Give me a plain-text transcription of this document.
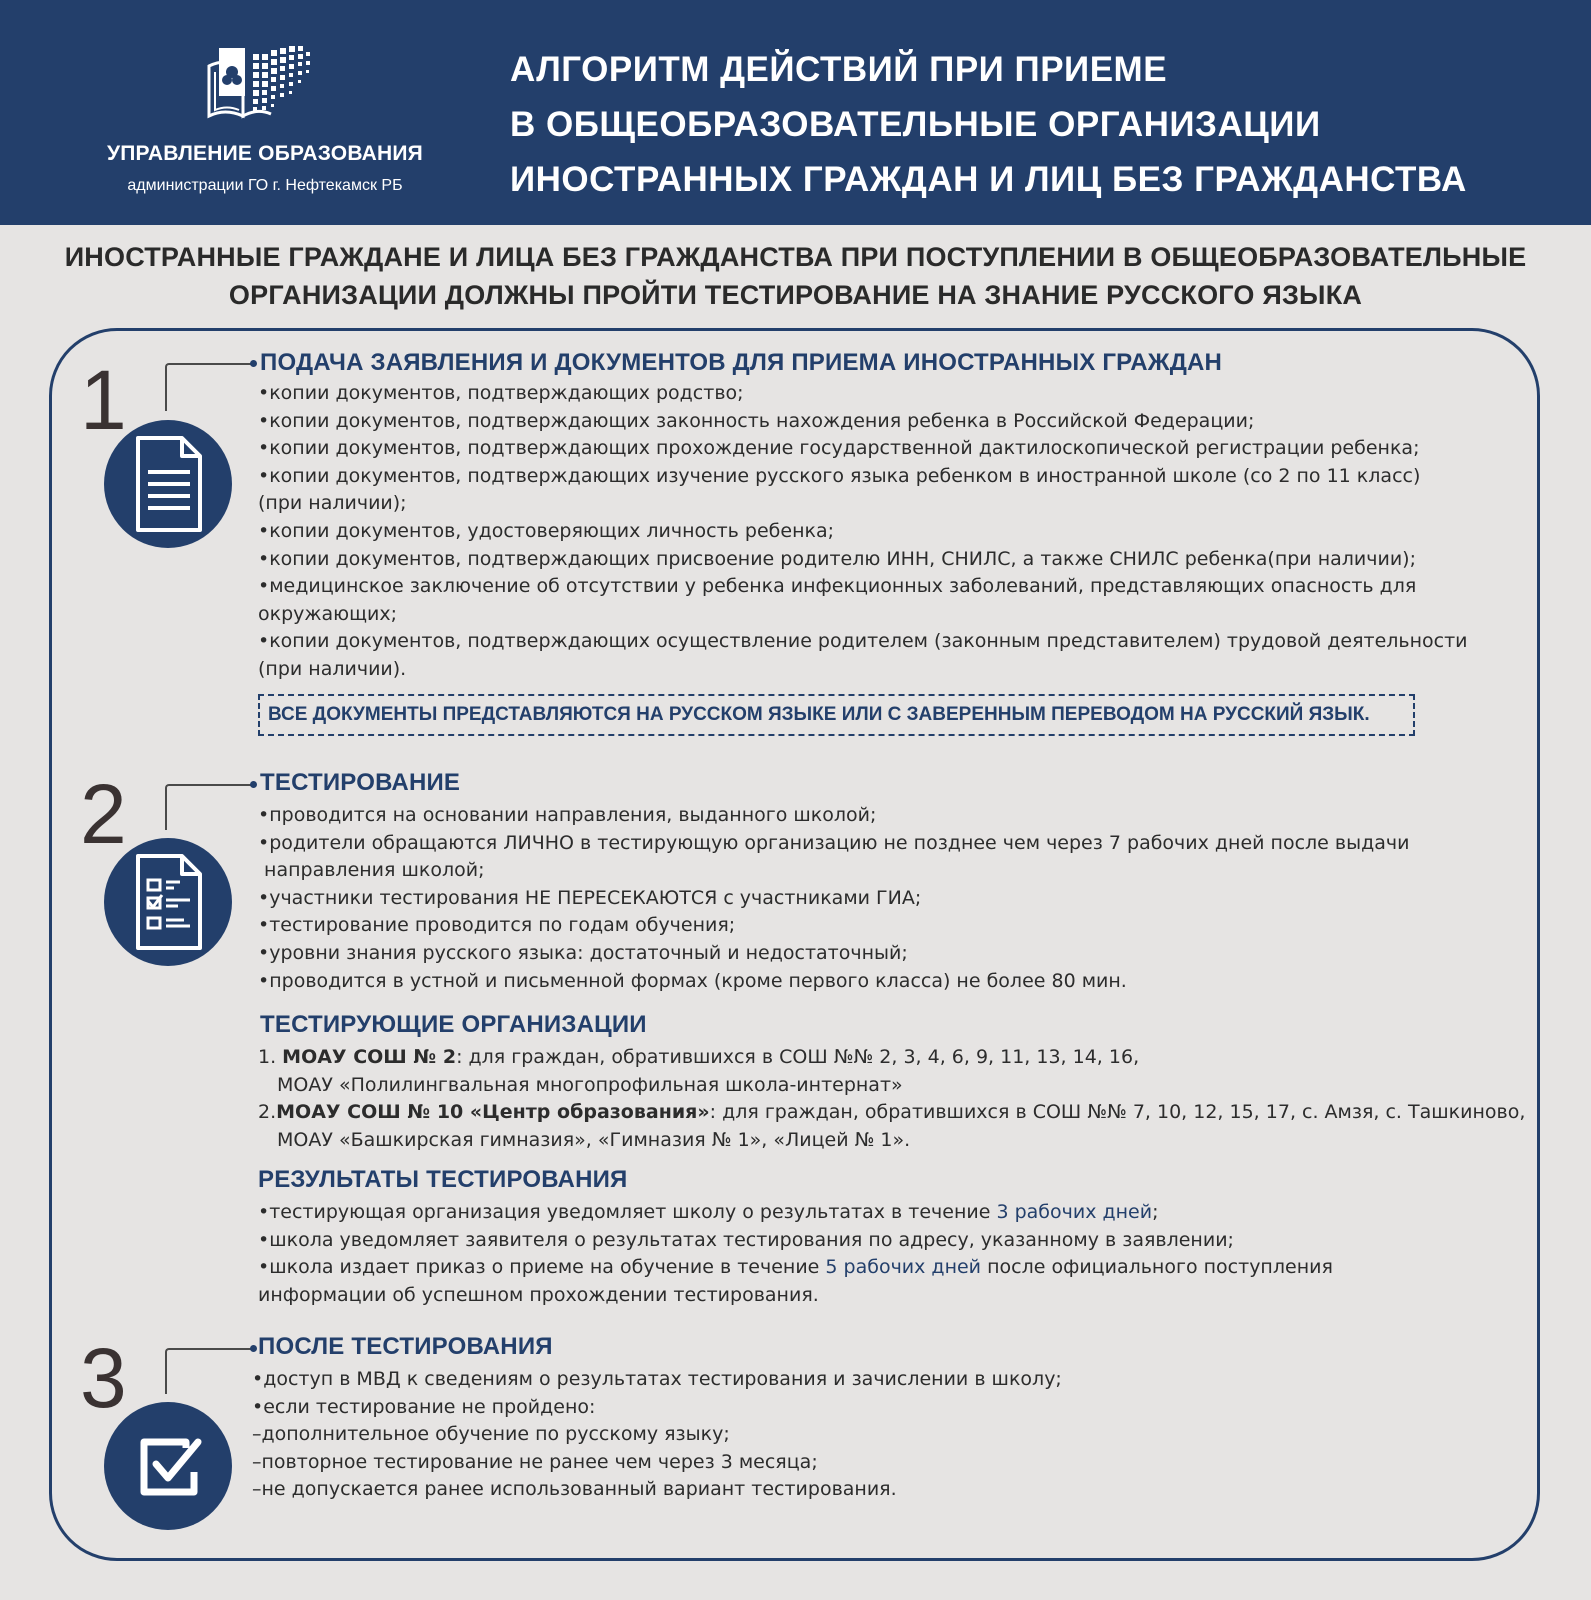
УПРАВЛЕНИЕ ОБРАЗОВАНИЯ
администрации ГО г. Нефтекамск РБ
АЛГОРИТМ ДЕЙСТВИЙ ПРИ ПРИЕМЕ
В ОБЩЕОБРАЗОВАТЕЛЬНЫЕ ОРГАНИЗАЦИИ
ИНОСТРАННЫХ ГРАЖДАН И ЛИЦ БЕЗ ГРАЖДАНСТВА
ИНОСТРАННЫЕ ГРАЖДАНЕ И ЛИЦА БЕЗ ГРАЖДАНСТВА ПРИ ПОСТУПЛЕНИИ В ОБЩЕОБРАЗОВАТЕЛЬНЫЕ
ОРГАНИЗАЦИИ ДОЛЖНЫ ПРОЙТИ ТЕСТИРОВАНИЕ НА ЗНАНИЕ РУССКОГО ЯЗЫКА
1	ПОДАЧА ЗАЯВЛЕНИЯ И ДОКУМЕНТОВ ДЛЯ ПРИЕМА ИНОСТРАННЫХ ГРАЖДАН
•копии документов, подтверждающих родство;
•копии документов, подтверждающих законность нахождения ребенка в Российской Федерации;
•копии документов, подтверждающих прохождение государственной дактилоскопической регистрации ребенка;
•копии документов, подтверждающих изучение русского языка ребенком в иностранной школе (со 2 по 11 класс)
(при наличии);
•копии документов, удостоверяющих личность ребенка;
•копии документов, подтверждающих присвоение родителю ИНН, СНИЛС, а также СНИЛС ребенка(при наличии);
•медицинское заключение об отсутствии у ребенка инфекционных заболеваний, представляющих опасность для
окружающих;
•копии документов, подтверждающих осуществление родителем (законным представителем) трудовой деятельности
(при наличии).
ВСЕ ДОКУМЕНТЫ ПРЕДСТАВЛЯЮТСЯ НА РУССКОМ ЯЗЫКЕ ИЛИ С ЗАВЕРЕННЫМ ПЕРЕВОДОМ НА РУССКИЙ ЯЗЫК.
2	ТЕСТИРОВАНИЕ
•проводится на основании направления, выданного школой;
•родители обращаются ЛИЧНО в тестирующую организацию не позднее чем через 7 рабочих дней после выдачи
направления школой;
•участники тестирования НЕ ПЕРЕСЕКАЮТСЯ с участниками ГИА;
•тестирование проводится по годам обучения;
•уровни знания русского языка: достаточный и недостаточный;
•проводится в устной и письменной формах (кроме первого класса) не более 80 мин.
ТЕСТИРУЮЩИЕ ОРГАНИЗАЦИИ
1. МОАУ СОШ № 2: для граждан, обратившихся в СОШ №№ 2, 3, 4, 6, 9, 11, 13, 14, 16,
МОАУ «Полилингвальная многопрофильная школа-интернат»
2.МОАУ СОШ № 10 «Центр образования»: для граждан, обратившихся в СОШ №№ 7, 10, 12, 15, 17, с. Амзя, с. Ташкиново,
МОАУ «Башкирская гимназия», «Гимназия № 1», «Лицей № 1».
РЕЗУЛЬТАТЫ ТЕСТИРОВАНИЯ
•тестирующая организация уведомляет школу о результатах в течение 3 рабочих дней;
•школа уведомляет заявителя о результатах тестирования по адресу, указанному в заявлении;
•школа издает приказ о приеме на обучение в течение 5 рабочих дней после официального поступления
информации об успешном прохождении тестирования.
3	ПОСЛЕ ТЕСТИРОВАНИЯ
•доступ в МВД к сведениям о результатах тестирования и зачислении в школу;
•если тестирование не пройдено:
–дополнительное обучение по русскому языку;
–повторное тестирование не ранее чем через 3 месяца;
–не допускается ранее использованный вариант тестирования.
